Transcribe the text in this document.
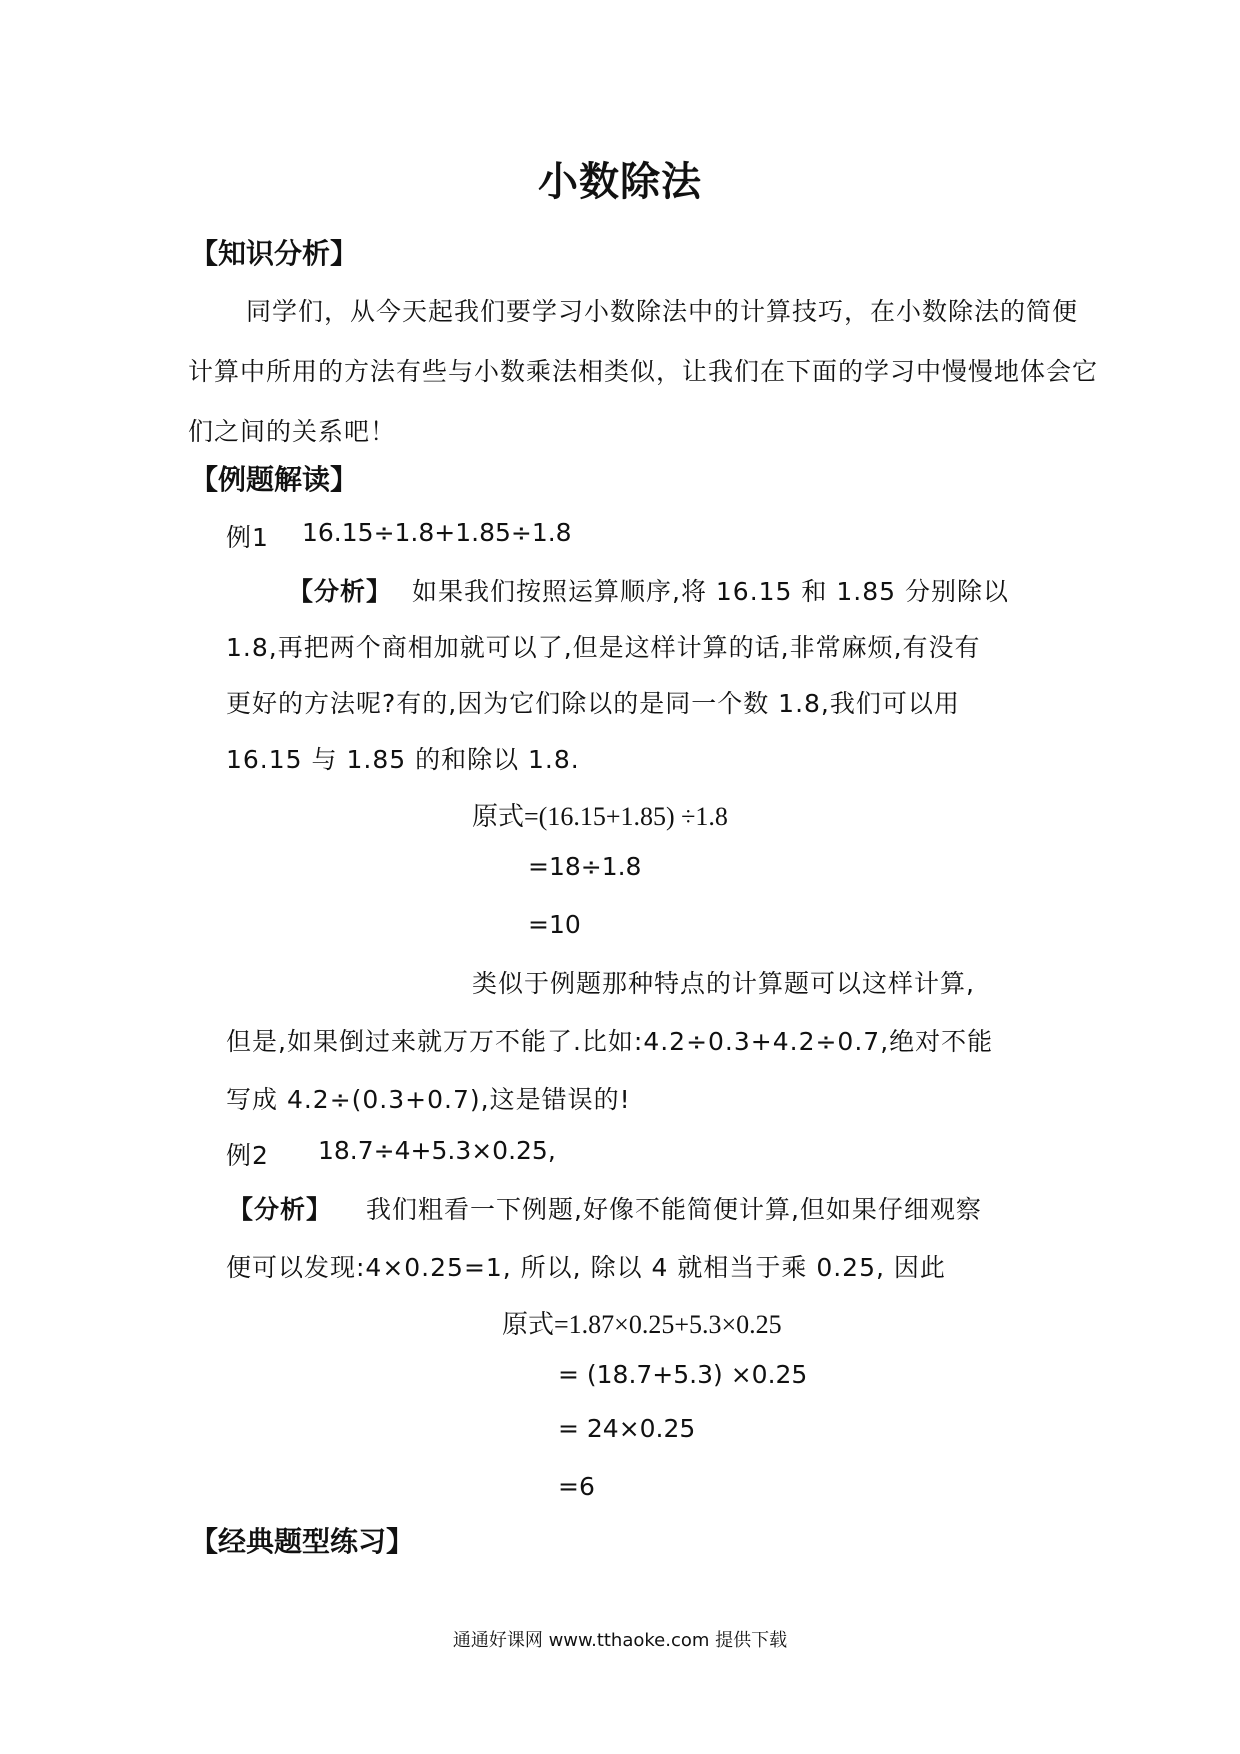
小数除法
【知识分析】
同学们，从今天起我们要学习小数除法中的计算技巧，在小数除法的简便
计算中所用的方法有些与小数乘法相类似，让我们在下面的学习中慢慢地体会它
们之间的关系吧！
【例题解读】
例1 16.15÷1.8+1.85÷1.8
【分析】 如果我们按照运算顺序,将 16.15 和 1.85 分别除以
1.8,再把两个商相加就可以了,但是这样计算的话,非常麻烦,有没有
更好的方法呢?有的,因为它们除以的是同一个数 1.8,我们可以用
16.15 与 1.85 的和除以 1.8.
原式=(16.15+1.85) ÷1.8
=18÷1.8
=10
类似于例题那种特点的计算题可以这样计算,
但是,如果倒过来就万万不能了.比如:4.2÷0.3+4.2÷0.7,绝对不能
写成 4.2÷(0.3+0.7),这是错误的!
例2 18.7÷4+5.3×0.25,
【分析】 我们粗看一下例题,好像不能简便计算,但如果仔细观察
便可以发现:4×0.25=1, 所以, 除以 4 就相当于乘 0.25, 因此
原式=1.87×0.25+5.3×0.25
= (18.7+5.3) ×0.25
= 24×0.25
=6
【经典题型练习】
通通好课网 www.tthaoke.com 提供下载
